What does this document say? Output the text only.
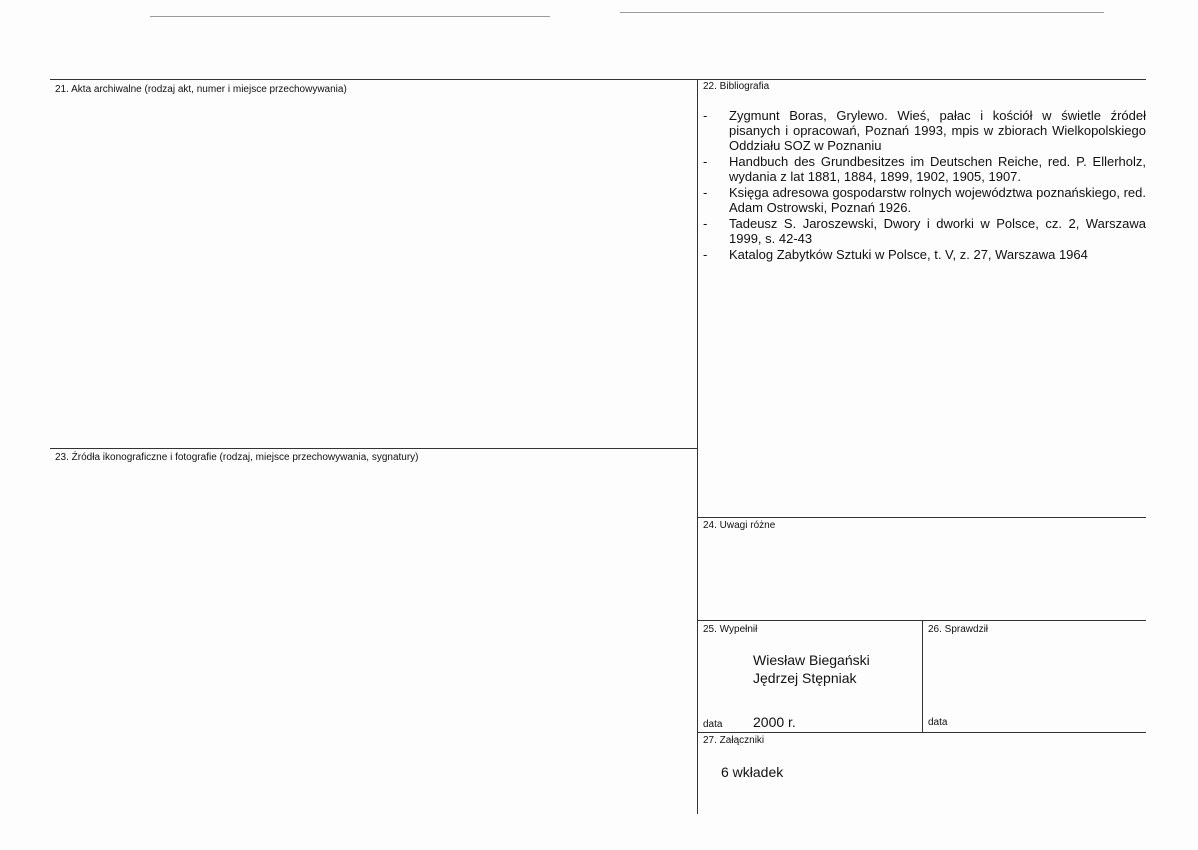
21. Akta archiwalne (rodzaj akt, numer i miejsce przechowywania)	22. Bibliografia
-	Zygmunt Boras, Grylewo. Wieś, pałac i kościół w świetle źródeł pisanych i opracowań, Poznań 1993, mpis w zbiorach Wielkopolskiego Oddziału SOZ w Poznaniu
-	Handbuch des Grundbesitzes im Deutschen Reiche, red. P. Ellerholz, wydania z lat 1881, 1884, 1899, 1902, 1905, 1907.
-	Księga adresowa gospodarstw rolnych województwa poznańskiego, red. Adam Ostrowski, Poznań 1926.
-	Tadeusz S. Jaroszewski, Dwory i dworki w Polsce, cz. 2, Warszawa 1999, s. 42-43
-	Katalog Zabytków Sztuki w Polsce, t. V, z. 27, Warszawa 1964
23. Źródła ikonograficzne i fotografie (rodzaj, miejsce przechowywania, sygnatury)
24. Uwagi różne
25. Wypełnił
Wiesław Biegański
Jędrzej Stępniak
data 2000 r.
26. Sprawdził
data
27. Załączniki
6 wkładek
